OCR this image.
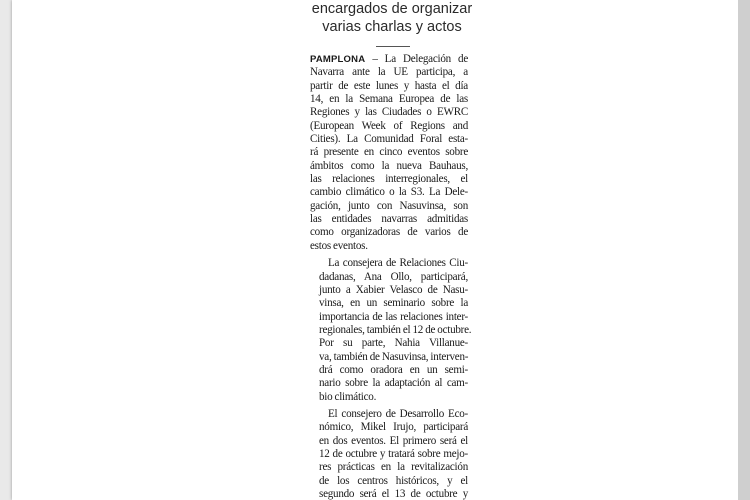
encargados de organizar
varias charlas y actos

PAMPLONA – La Delegación de
Navarra ante la UE participa, a
partir de este lunes y hasta el día
14, en la Semana Europea de las
Regiones y las Ciudades o EWRC
(European Week of Regions and
Cities). La Comunidad Foral esta-
rá presente en cinco eventos sobre
ámbitos como la nueva Bauhaus,
las relaciones interregionales, el
cambio climático o la S3. La Dele-
gación, junto con Nasuvinsa, son
las entidades navarras admitidas
como organizadoras de varios de
estos eventos.

La consejera de Relaciones Ciu-
dadanas, Ana Ollo, participará,
junto a Xabier Velasco de Nasu-
vinsa, en un seminario sobre la
importancia de las relaciones inter-
regionales, también el 12 de octubre.
Por su parte, Nahia Villanue-
va, también de Nasuvinsa, interven-
drá como oradora en un semi-
nario sobre la adaptación al cam-
bio climático.

El consejero de Desarrollo Eco-
nómico, Mikel Irujo, participará
en dos eventos. El primero será el
12 de octubre y tratará sobre mejo-
res prácticas en la revitalización
de los centros históricos, y el
segundo será el 13 de octubre y
